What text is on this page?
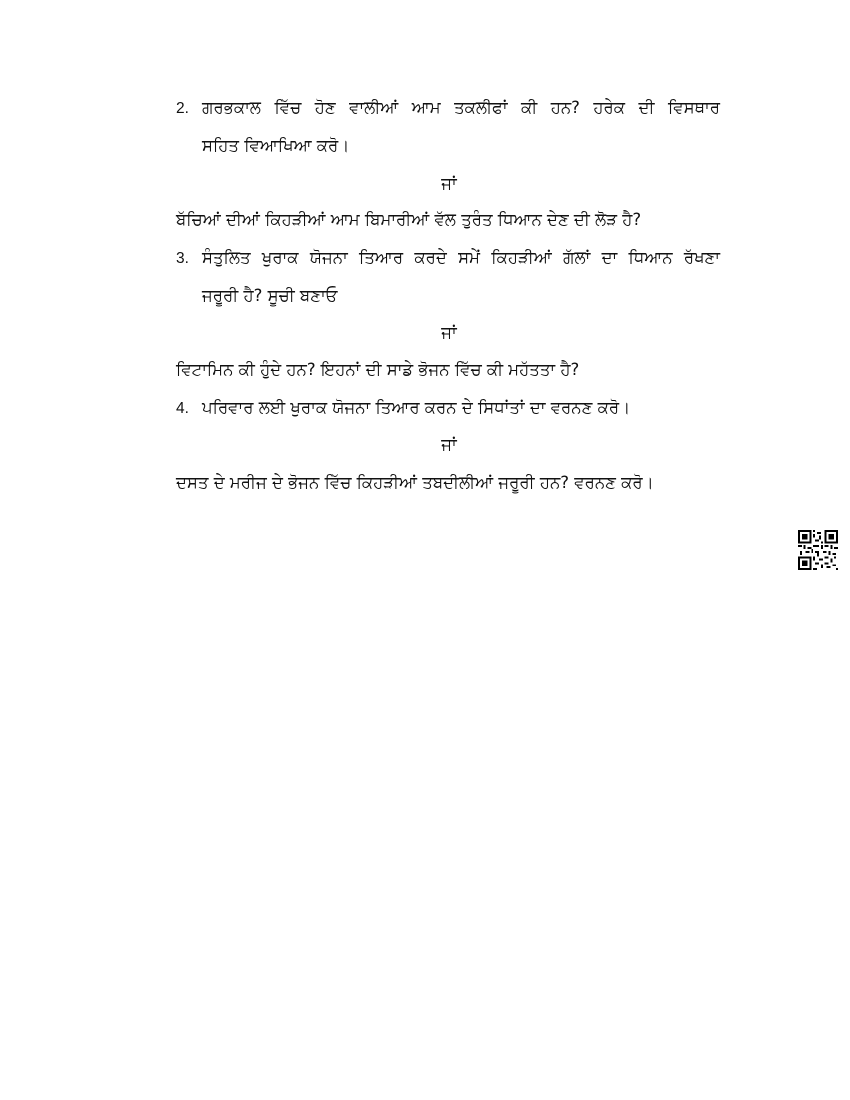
2. ਗਰਭਕਾਲ ਵਿੱਚ ਹੋਣ ਵਾਲੀਆਂ ਆਮ ਤਕਲੀਫਾਂ ਕੀ ਹਨ? ਹਰੇਕ ਦੀ ਵਿਸਥਾਰ
ਸਹਿਤ ਵਿਆਖਿਆ ਕਰੋ।
ਜਾਂ
ਬੱਚਿਆਂ ਦੀਆਂ ਕਿਹੜੀਆਂ ਆਮ ਬਿਮਾਰੀਆਂ ਵੱਲ ਤੁਰੰਤ ਧਿਆਨ ਦੇਣ ਦੀ ਲੋੜ ਹੈ?
3. ਸੰਤੁਲਿਤ ਖੁਰਾਕ ਯੋਜਨਾ ਤਿਆਰ ਕਰਦੇ ਸਮੇਂ ਕਿਹੜੀਆਂ ਗੱਲਾਂ ਦਾ ਧਿਆਨ ਰੱਖਣਾ
ਜਰੂਰੀ ਹੈ? ਸੂਚੀ ਬਣਾਓ
ਜਾਂ
ਵਿਟਾਮਿਨ ਕੀ ਹੁੰਦੇ ਹਨ? ਇਹਨਾਂ ਦੀ ਸਾਡੇ ਭੋਜਨ ਵਿੱਚ ਕੀ ਮਹੱਤਤਾ ਹੈ?
4. ਪਰਿਵਾਰ ਲਈ ਖੁਰਾਕ ਯੋਜਨਾ ਤਿਆਰ ਕਰਨ ਦੇ ਸਿਧਾਂਤਾਂ ਦਾ ਵਰਨਣ ਕਰੋ।
ਜਾਂ
ਦਸਤ ਦੇ ਮਰੀਜ ਦੇ ਭੋਜਨ ਵਿੱਚ ਕਿਹੜੀਆਂ ਤਬਦੀਲੀਆਂ ਜਰੂਰੀ ਹਨ? ਵਰਨਣ ਕਰੋ।
